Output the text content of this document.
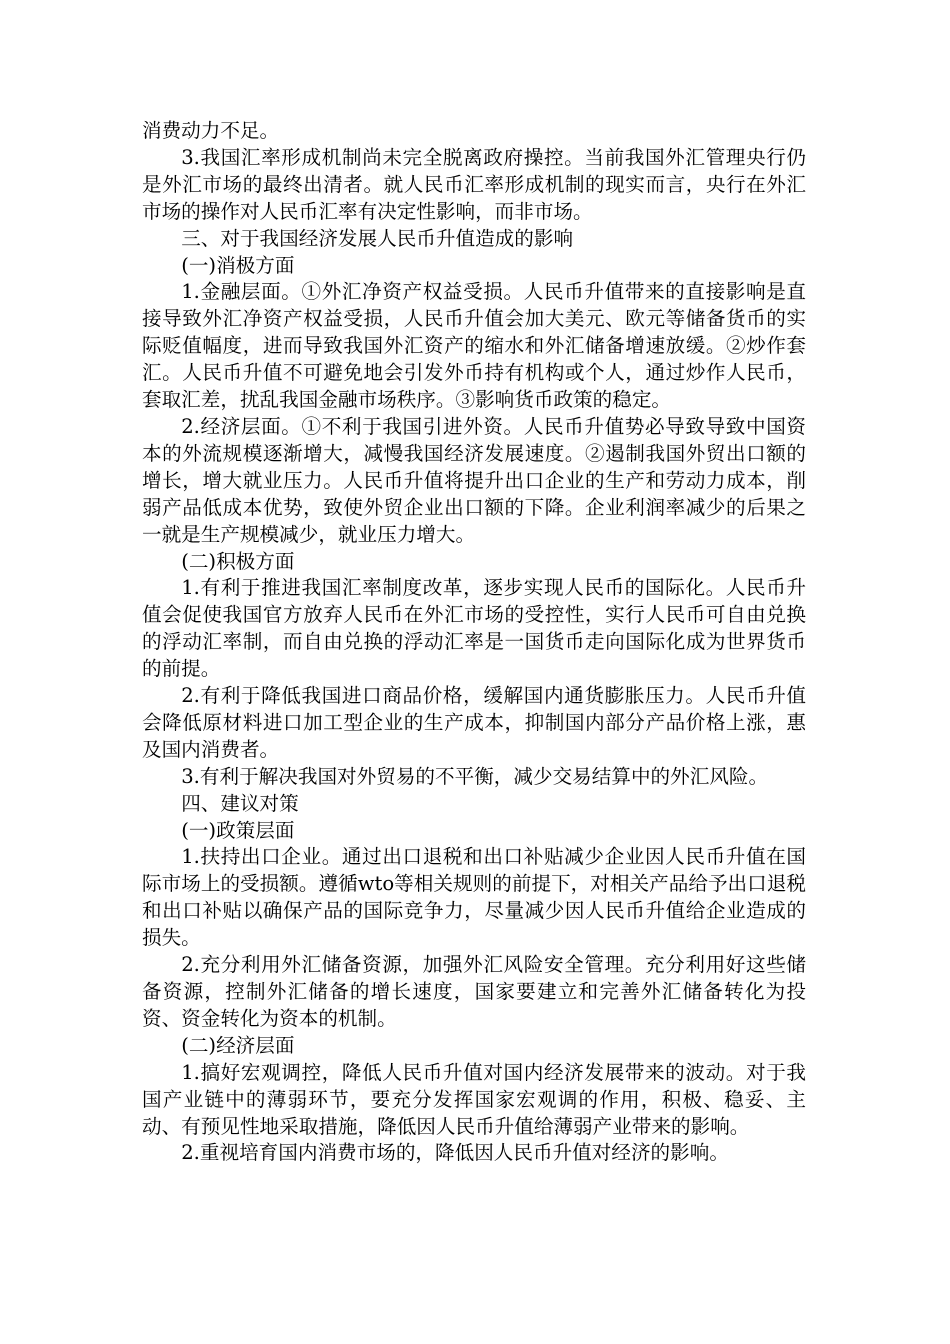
消费动力不足。

3.我国汇率形成机制尚未完全脱离政府操控。当前我国外汇管理央行仍是外汇市场的最终出清者。就人民币汇率形成机制的现实而言，央行在外汇市场的操作对人民币汇率有决定性影响，而非市场。

三、对于我国经济发展人民币升值造成的影响

(一)消极方面

1.金融层面。①外汇净资产权益受损。人民币升值带来的直接影响是直接导致外汇净资产权益受损，人民币升值会加大美元、欧元等储备货币的实际贬值幅度，进而导致我国外汇资产的缩水和外汇储备增速放缓。②炒作套汇。人民币升值不可避免地会引发外币持有机构或个人，通过炒作人民币，套取汇差，扰乱我国金融市场秩序。③影响货币政策的稳定。

2.经济层面。①不利于我国引进外资。人民币升值势必导致导致中国资本的外流规模逐渐增大，减慢我国经济发展速度。②遏制我国外贸出口额的增长，增大就业压力。人民币升值将提升出口企业的生产和劳动力成本，削弱产品低成本优势，致使外贸企业出口额的下降。企业利润率减少的后果之一就是生产规模减少，就业压力增大。

(二)积极方面

1.有利于推进我国汇率制度改革，逐步实现人民币的国际化。人民币升值会促使我国官方放弃人民币在外汇市场的受控性，实行人民币可自由兑换的浮动汇率制，而自由兑换的浮动汇率是一国货币走向国际化成为世界货币的前提。

2.有利于降低我国进口商品价格，缓解国内通货膨胀压力。人民币升值会降低原材料进口加工型企业的生产成本，抑制国内部分产品价格上涨，惠及国内消费者。

3.有利于解决我国对外贸易的不平衡，减少交易结算中的外汇风险。

四、建议对策

(一)政策层面

1.扶持出口企业。通过出口退税和出口补贴减少企业因人民币升值在国际市场上的受损额。遵循wto等相关规则的前提下，对相关产品给予出口退税和出口补贴以确保产品的国际竞争力，尽量减少因人民币升值给企业造成的损失。

2.充分利用外汇储备资源，加强外汇风险安全管理。充分利用好这些储备资源，控制外汇储备的增长速度，国家要建立和完善外汇储备转化为投资、资金转化为资本的机制。

(二)经济层面

1.搞好宏观调控，降低人民币升值对国内经济发展带来的波动。对于我国产业链中的薄弱环节，要充分发挥国家宏观调的作用，积极、稳妥、主动、有预见性地采取措施，降低因人民币升值给薄弱产业带来的影响。

2.重视培育国内消费市场的，降低因人民币升值对经济的影响。
